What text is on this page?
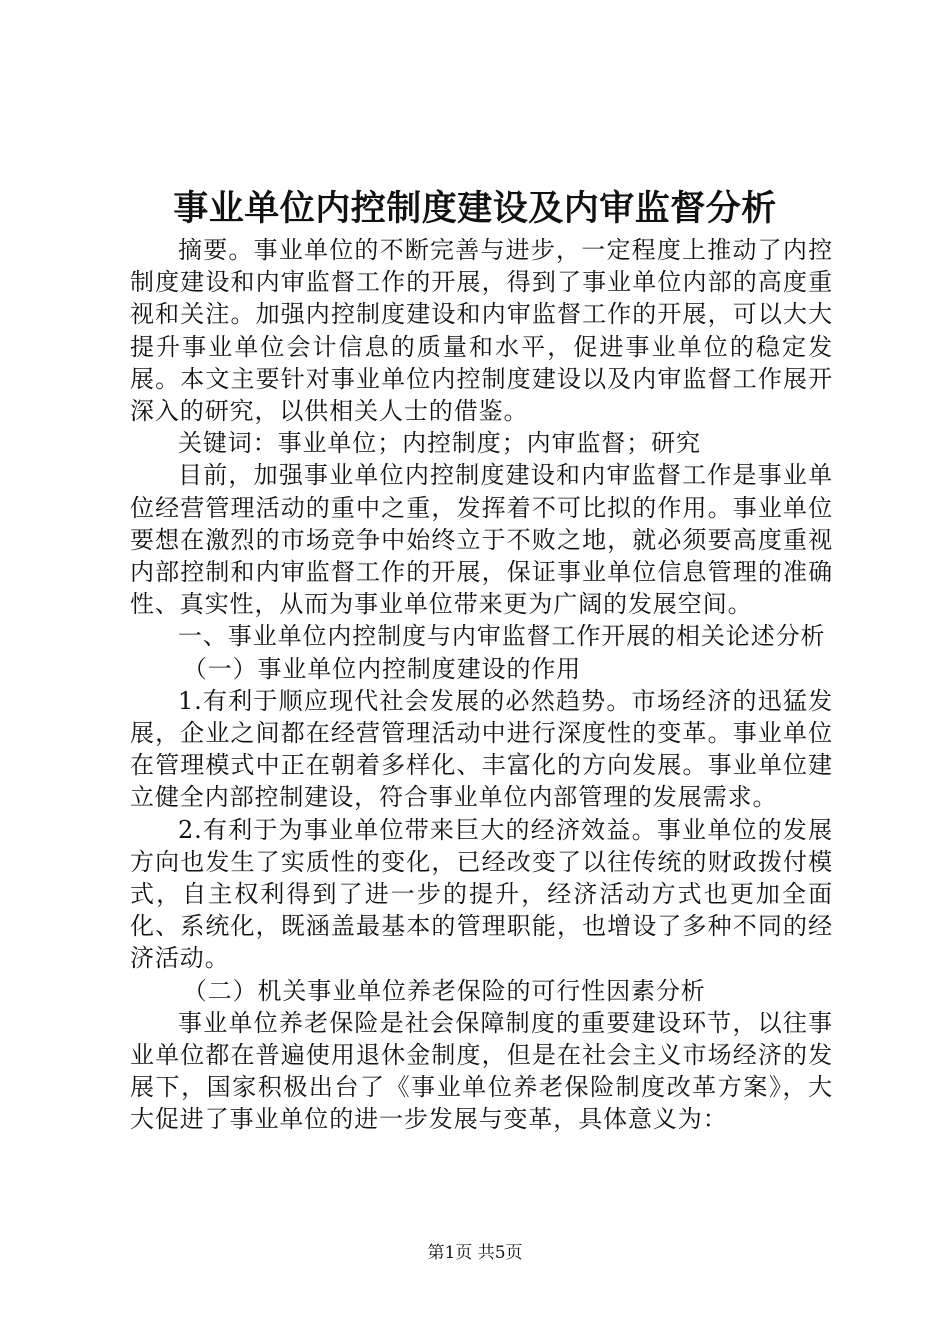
事业单位内控制度建设及内审监督分析

摘要。事业单位的不断完善与进步，一定程度上推动了内控制度建设和内审监督工作的开展，得到了事业单位内部的高度重视和关注。加强内控制度建设和内审监督工作的开展，可以大大提升事业单位会计信息的质量和水平，促进事业单位的稳定发展。本文主要针对事业单位内控制度建设以及内审监督工作展开深入的研究，以供相关人士的借鉴。

关键词：事业单位；内控制度；内审监督；研究

目前，加强事业单位内控制度建设和内审监督工作是事业单位经营管理活动的重中之重，发挥着不可比拟的作用。事业单位要想在激烈的市场竞争中始终立于不败之地，就必须要高度重视内部控制和内审监督工作的开展，保证事业单位信息管理的准确性、真实性，从而为事业单位带来更为广阔的发展空间。

一、事业单位内控制度与内审监督工作开展的相关论述分析

（一）事业单位内控制度建设的作用

1.有利于顺应现代社会发展的必然趋势。市场经济的迅猛发展，企业之间都在经营管理活动中进行深度性的变革。事业单位在管理模式中正在朝着多样化、丰富化的方向发展。事业单位建立健全内部控制建设，符合事业单位内部管理的发展需求。

2.有利于为事业单位带来巨大的经济效益。事业单位的发展方向也发生了实质性的变化，已经改变了以往传统的财政拨付模式，自主权利得到了进一步的提升，经济活动方式也更加全面化、系统化，既涵盖最基本的管理职能，也增设了多种不同的经济活动。

（二）机关事业单位养老保险的可行性因素分析

事业单位养老保险是社会保障制度的重要建设环节，以往事业单位都在普遍使用退休金制度，但是在社会主义市场经济的发展下，国家积极出台了《事业单位养老保险制度改革方案》，大大促进了事业单位的进一步发展与变革，具体意义为：

第1页 共5页
